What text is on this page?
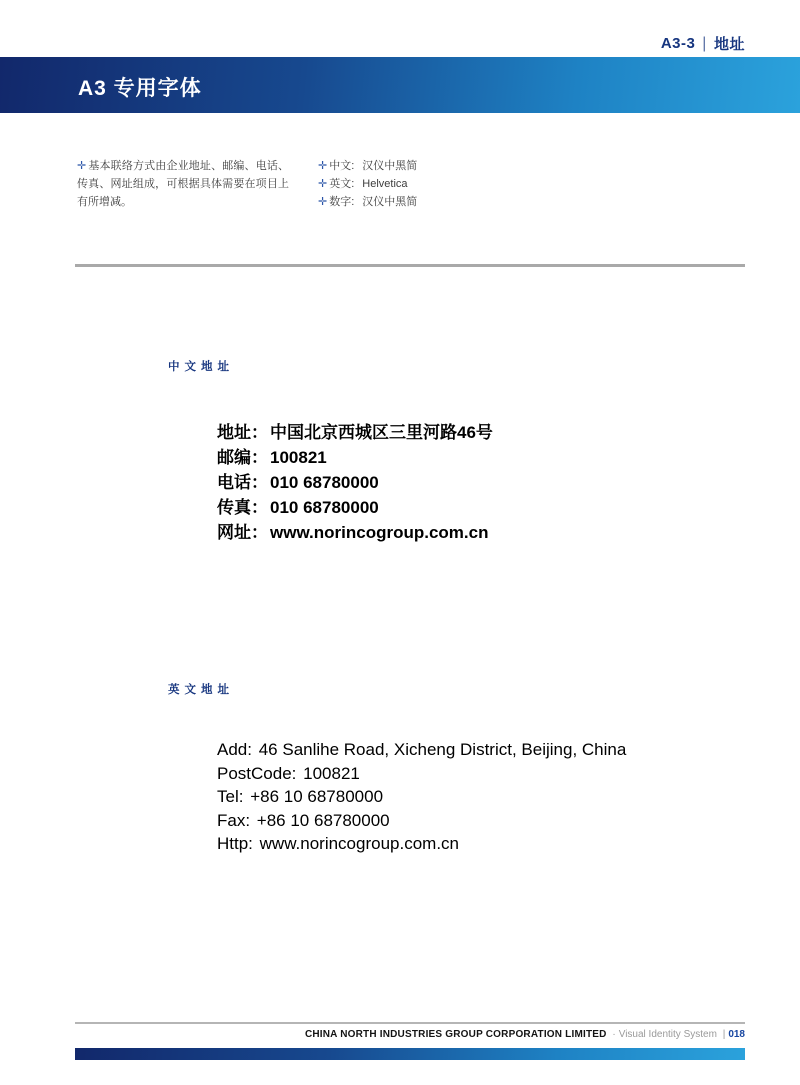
A3-3 | 地址
A3 专用字体
✛ 基本联络方式由企业地址、邮编、电话、传真、网址组成，可根据具体需要在项目上有所增减。
✛ 中文: 汉仪中黑简
✛ 英文: Helvetica
✛ 数字: 汉仪中黑简
中文地址
地址： 中国北京西城区三里河路46号
邮编： 100821
电话： 010 68780000
传真： 010 68780000
网址： www.norincogroup.com.cn
英文地址
Add: 46 Sanlihe Road, Xicheng District, Beijing, China
PostCode: 100821
Tel: +86 10 68780000
Fax: +86 10 68780000
Http: www.norincogroup.com.cn
CHINA NORTH INDUSTRIES GROUP CORPORATION LIMITED · Visual Identity System | 018
